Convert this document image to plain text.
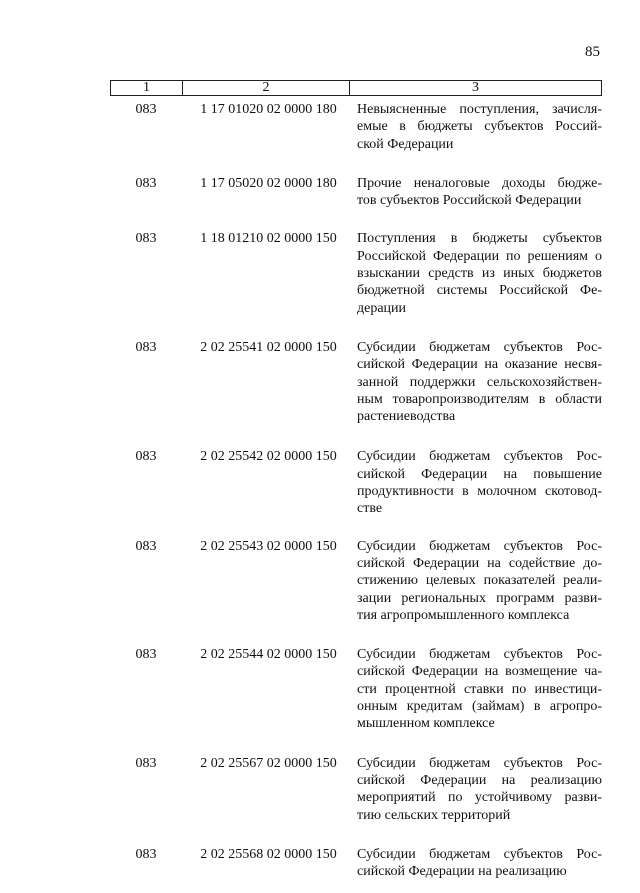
85
1	2	3
083	1 17 01020 02 0000 180	Невыясненные поступления, зачисля-
емые в бюджеты субъектов Россий-
ской Федерации
083	1 17 05020 02 0000 180	Прочие неналоговые доходы бюдже-
тов субъектов Российской Федерации
083	1 18 01210 02 0000 150	Поступления в бюджеты субъектов
Российской Федерации по решениям о
взыскании средств из иных бюджетов
бюджетной системы Российской Фе-
дерации
083	2 02 25541 02 0000 150	Субсидии бюджетам субъектов Рос-
сийской Федерации на оказание несвя-
занной поддержки сельскохозяйствен-
ным товаропроизводителям в области
растениеводства
083	2 02 25542 02 0000 150	Субсидии бюджетам субъектов Рос-
сийской Федерации на повышение
продуктивности в молочном скотовод-
стве
083	2 02 25543 02 0000 150	Субсидии бюджетам субъектов Рос-
сийской Федерации на содействие до-
стижению целевых показателей реали-
зации региональных программ разви-
тия агропромышленного комплекса
083	2 02 25544 02 0000 150	Субсидии бюджетам субъектов Рос-
сийской Федерации на возмещение ча-
сти процентной ставки по инвестици-
онным кредитам (займам) в агропро-
мышленном комплексе
083	2 02 25567 02 0000 150	Субсидии бюджетам субъектов Рос-
сийской Федерации на реализацию
мероприятий по устойчивому разви-
тию сельских территорий
083	2 02 25568 02 0000 150	Субсидии бюджетам субъектов Рос-
сийской Федерации на реализацию
